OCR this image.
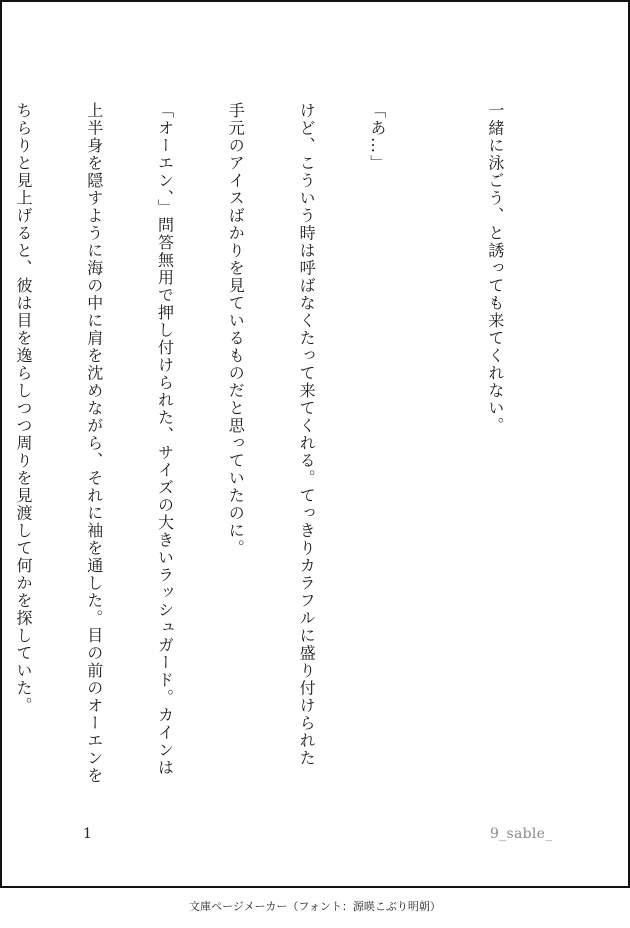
一緒に泳ごう、と誘っても来てくれない。

「あ…」

けど、こういう時は呼ばなくたって来てくれる。てっきりカラフルに盛り付けられた

手元のアイスばかりを見ているものだと思っていたのに。

「オーエン、」問答無用で押し付けられた、サイズの大きいラッシュガード。カインは

上半身を隠すように海の中に肩を沈めながら、それに袖を通した。目の前のオーエンを

ちらりと見上げると、彼は目を逸らしつつ周りを見渡して何かを探していた。

1	9_sable_
文庫ページメーカー（フォント：源暎こぶり明朝）
